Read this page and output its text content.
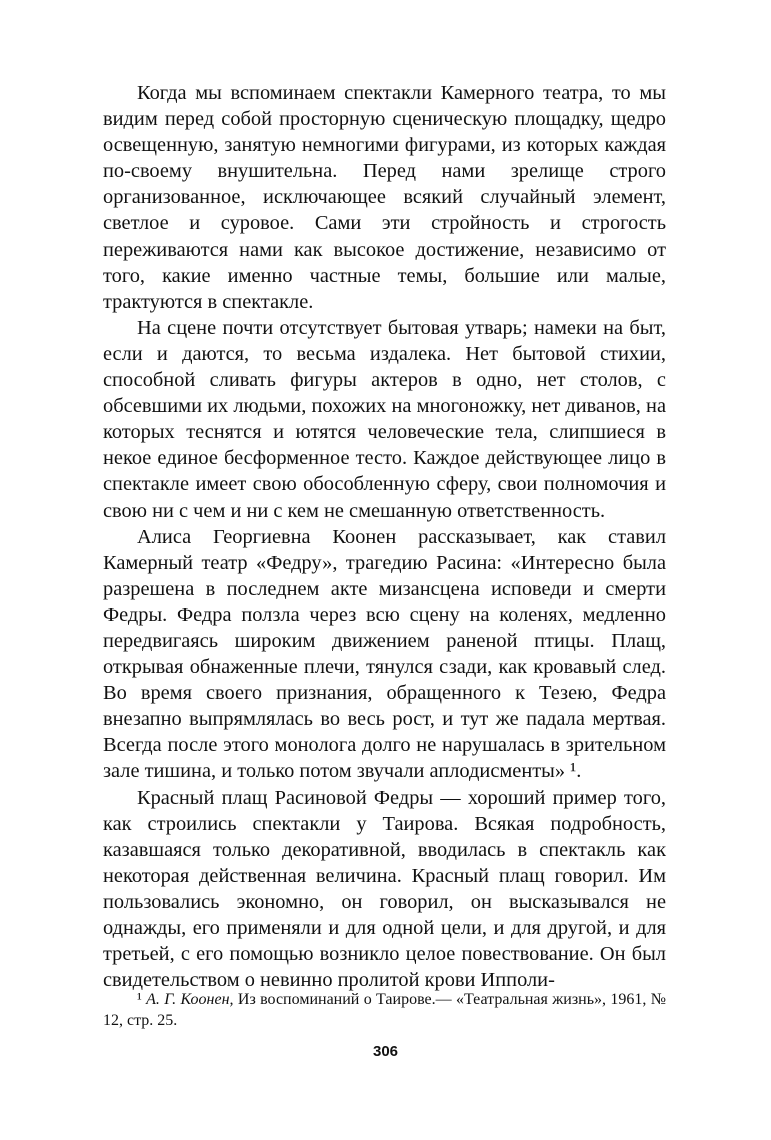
Когда мы вспоминаем спектакли Камерного театра, то мы видим перед собой просторную сценическую площадку, щедро освещенную, занятую немногими фигурами, из которых каждая по-своему внушительна. Перед нами зрелище строго организованное, исключающее всякий случайный элемент, светлое и суровое. Сами эти стройность и строгость переживаются нами как высокое достижение, независимо от того, какие именно частные темы, большие или малые, трактуются в спектакле.

На сцене почти отсутствует бытовая утварь; намеки на быт, если и даются, то весьма издалека. Нет бытовой стихии, способной сливать фигуры актеров в одно, нет столов, с обсевшими их людьми, похожих на многоножку, нет диванов, на которых теснятся и ютятся человеческие тела, слипшиеся в некое единое бесформенное тесто. Каждое действующее лицо в спектакле имеет свою обособленную сферу, свои полномочия и свою ни с чем и ни с кем не смешанную ответственность.

Алиса Георгиевна Коонен рассказывает, как ставил Камерный театр «Федру», трагедию Расина: «Интересно была разрешена в последнем акте мизансцена исповеди и смерти Федры. Федра ползла через всю сцену на коленях, медленно передвигаясь широким движением раненой птицы. Плащ, открывая обнаженные плечи, тянулся сзади, как кровавый след. Во время своего признания, обращенного к Тезею, Федра внезапно выпрямлялась во весь рост, и тут же падала мертвая. Всегда после этого монолога долго не нарушалась в зрительном зале тишина, и только потом звучали аплодисменты» ¹.

Красный плащ Расиновой Федры — хороший пример того, как строились спектакли у Таирова. Всякая подробность, казавшаяся только декоративной, вводилась в спектакль как некоторая действенная величина. Красный плащ говорил. Им пользовались экономно, он говорил, он высказывался не однажды, его применяли и для одной цели, и для другой, и для третьей, с его помощью возникло целое повествование. Он был свидетельством о невинно пролитой крови Ипполи-

¹ А. Г. Коонен, Из воспоминаний о Таирове.— «Театральная жизнь», 1961, № 12, стр. 25.

306
